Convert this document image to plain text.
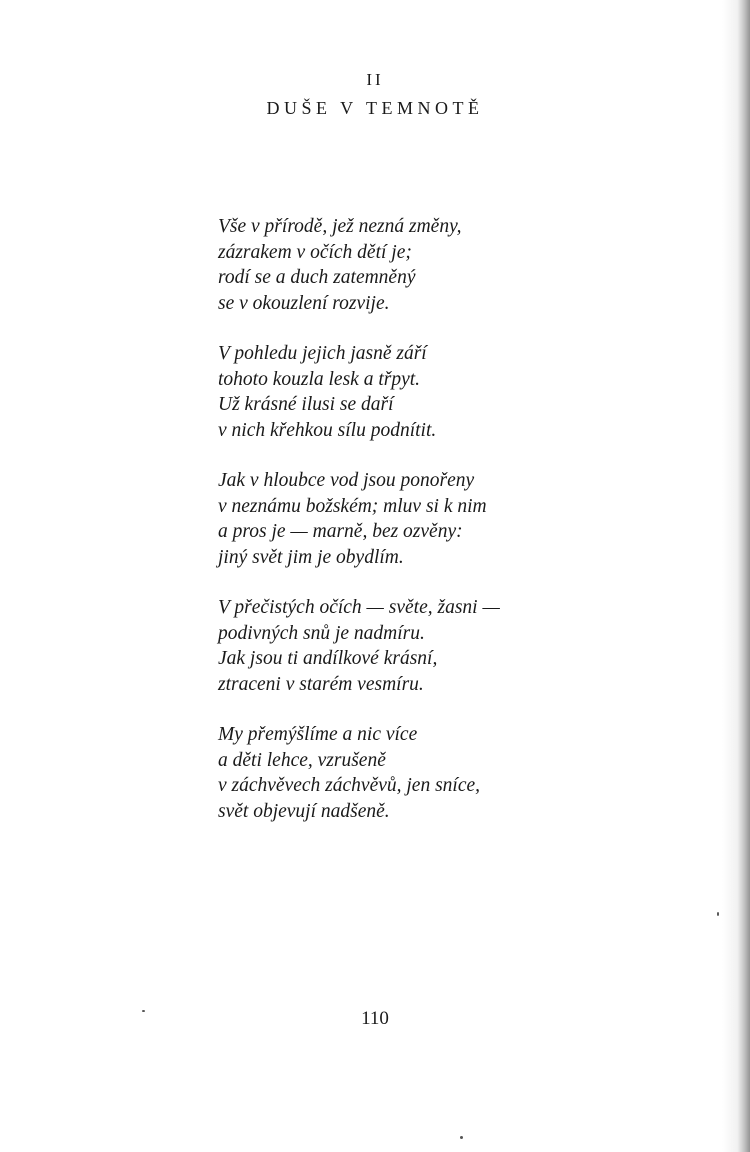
II
DUŠE V TEMNOTĚ
Vše v přírodě, jež nezná změny,
zázrakem v očích dětí je;
rodí se a duch zatemněný
se v okouzlení rozvije.
V pohledu jejich jasně září
tohoto kouzla lesk a třpyt.
Už krásné ilusi se daří
v nich křehkou sílu podnítit.
Jak v hloubce vod jsou ponořeny
v neznámu božském; mluv si k nim
a pros je — marně, bez ozvěny:
jiný svět jim je obydlím.
V přečistých očích — světe, žasni —
podivných snů je nadmíru.
Jak jsou ti andílkové krásní,
ztraceni v starém vesmíru.
My přemýšlíme a nic více
a děti lehce, vzrušeně
v záchvěvech záchvěvů, jen sníce,
svět objevují nadšeně.
110
